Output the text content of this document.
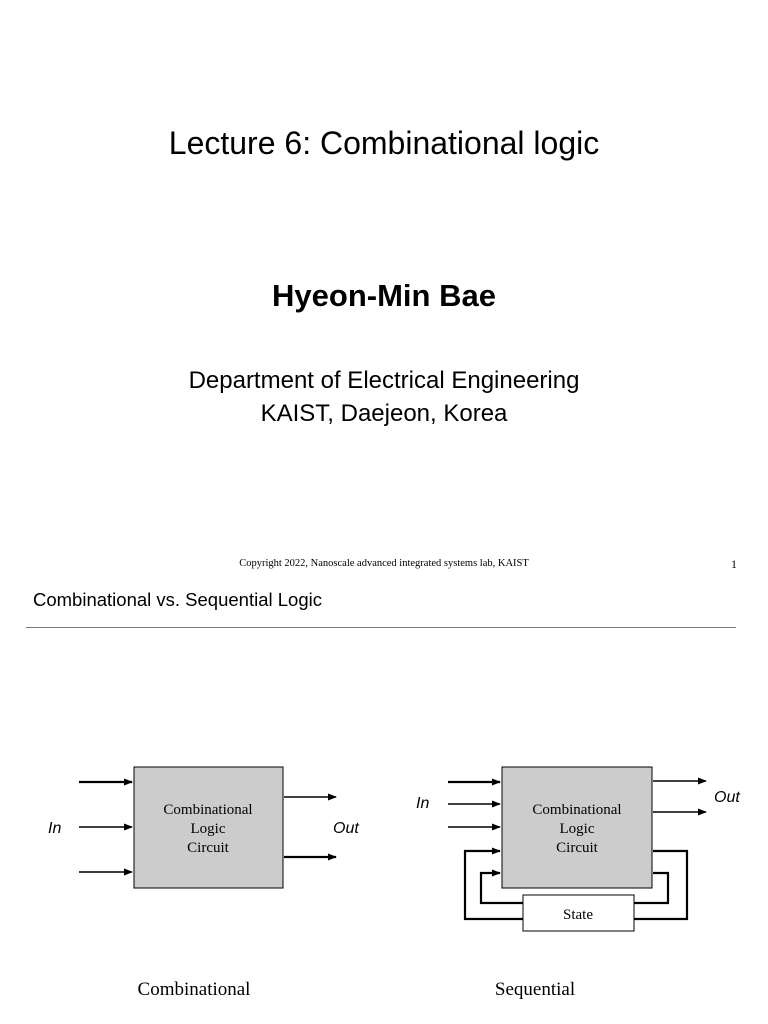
Lecture 6: Combinational logic
Hyeon-Min Bae
Department of Electrical Engineering
KAIST, Daejeon, Korea
Copyright 2022, Nanoscale advanced integrated systems lab, KAIST	1
Combinational vs. Sequential Logic
Combinational
Logic
Circuit
In	Out
State
Combinational
Logic
Circuit
In	Out
Combinational	Sequential
